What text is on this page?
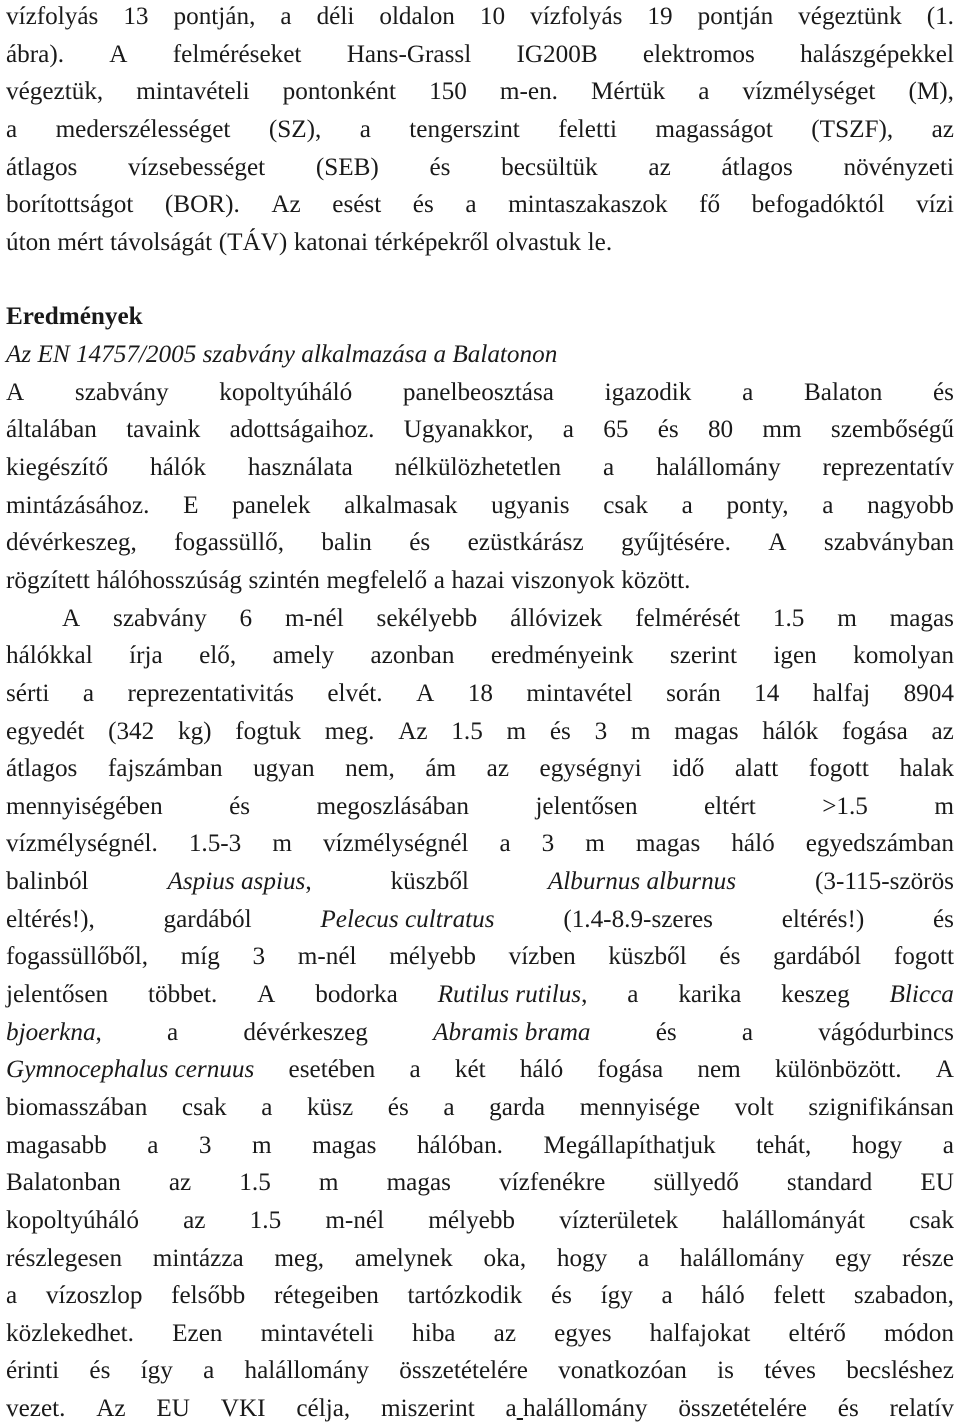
vízfolyás 13 pontján, a déli oldalon 10 vízfolyás 19 pontján végeztünk (1.
ábra). A felméréseket Hans-Grassl IG200B elektromos halászgépekkel
végeztük, mintavételi pontonként 150 m-en. Mértük a vízmélységet (M),
a mederszélességet (SZ), a tengerszint feletti magasságot (TSZF), az
átlagos vízsebességet (SEB) és becsültük az átlagos növényzeti
borítottságot (BOR). Az esést és a mintaszakaszok fő befogadóktól vízi
úton mért távolságát (TÁV) katonai térképekről olvastuk le.
Eredmények
Az EN 14757/2005 szabvány alkalmazása a Balatonon
A szabvány kopoltyúháló panelbeosztása igazodik a Balaton és
általában tavaink adottságaihoz. Ugyanakkor, a 65 és 80 mm szembőségű
kiegészítő hálók használata nélkülözhetetlen a halállomány reprezentatív
mintázásához. E panelek alkalmasak ugyanis csak a ponty, a nagyobb
dévérkeszeg, fogassüllő, balin és ezüstkárász gyűjtésére. A szabványban
rögzített hálóhosszúság szintén megfelelő a hazai viszonyok között.
A szabvány 6 m-nél sekélyebb állóvizek felmérését 1.5 m magas
hálókkal írja elő, amely azonban eredményeink szerint igen komolyan
sérti a reprezentativitás elvét. A 18 mintavétel során 14 halfaj 8904
egyedét (342 kg) fogtuk meg. Az 1.5 m és 3 m magas hálók fogása az
átlagos fajszámban ugyan nem, ám az egységnyi idő alatt fogott halak
mennyiségében	és	megoszlásában	jelentősen	eltért	>1.5	m
vízmélységnél. 1.5-3 m vízmélységnél a 3 m magas háló egyedszámban
balinból	Aspius aspius,	küszből	Alburnus alburnus	(3-115-szörös
eltérés!),	gardából	Pelecus cultratus	(1.4-8.9-szeres	eltérés!)	és
fogassüllőből, míg 3 m-nél mélyebb vízben küszből és gardából fogott
jelentősen többet. A bodorka Rutilus rutilus, a karika keszeg Blicca
bjoerkna,	a	dévérkeszeg	Abramis brama	és	a	vágódurbincs
Gymnocephalus cernuus esetében a két háló fogása nem különbözött. A
biomasszában csak a küsz és a garda mennyisége volt szignifikánsan
magasabb a 3 m magas hálóban. Megállapíthatjuk tehát, hogy a
Balatonban az 1.5 m magas vízfenékre süllyedő standard EU
kopoltyúháló az 1.5 m-nél mélyebb vízterületek halállományát csak
részlegesen mintázza meg, amelynek oka, hogy a halállomány egy része
a vízoszlop felsőbb rétegeiben tartózkodik és így a háló felett szabadon,
közlekedhet. Ezen mintavételi hiba az egyes halfajokat eltérő módon
érinti és így a halállomány összetételére vonatkozóan is téves becsléshez
vezet. Az EU VKI célja, miszerint a halállomány összetételére és relatív
